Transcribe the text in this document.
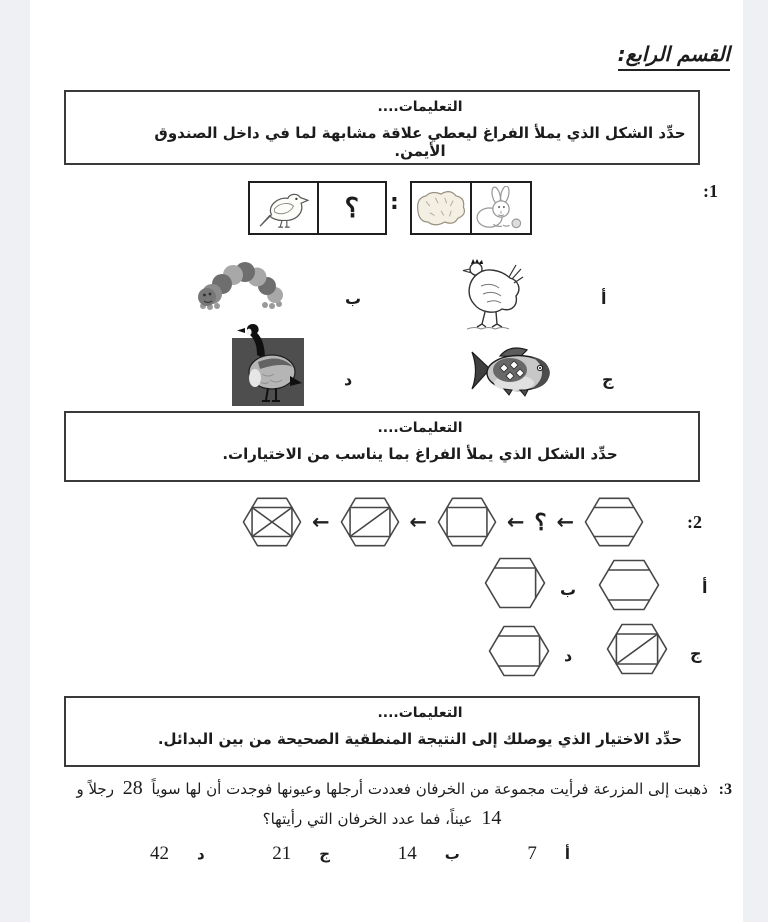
القسم الرابع:
التعليمات....
حدِّد الشكل الذي يملأ الفراغ ليعطي علاقة مشابهة لما في داخل الصندوق الأيمن.
1:
:
؟
أ
ب
ج
د
التعليمات....
حدِّد الشكل الذي يملأ الفراغ بما يناسب من الاختيارات.
2:
←
؟
←
←
←
أ
ب
ج
د
التعليمات....
حدِّد الاختيار الذي يوصلك إلى النتيجة المنطقية الصحيحة من بين البدائل.
3: ذهبت إلى المزرعة فرأيت مجموعة من الخرفان فعددت أرجلها وعيونها فوجدت أن لها سوياً 28 رجلاً و
14 عيناً، فما عدد الخرفان التي رأيتها؟
أ
7
ب
14
ج
21
د
42
